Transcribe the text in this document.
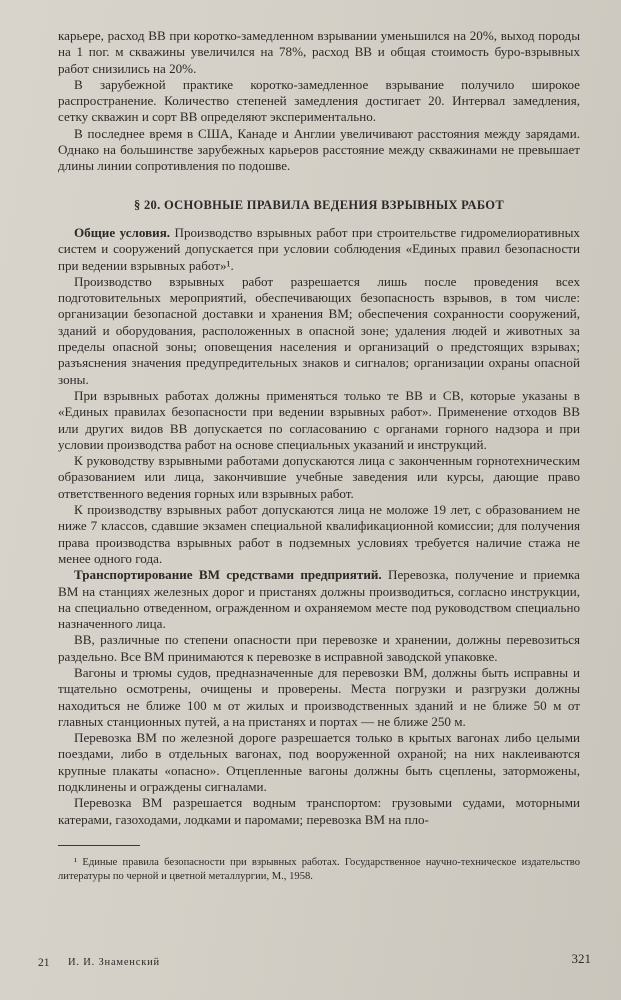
карьере, расход ВВ при коротко-замедленном взрывании уменьшился на 20%, выход породы на 1 пог. м скважины увеличился на 78%, расход ВВ и общая стоимость буро-взрывных работ снизились на 20%.

В зарубежной практике коротко-замедленное взрывание получило широкое распространение. Количество степеней замедления достигает 20. Интервал замедления, сетку скважин и сорт ВВ определяют экспериментально.

В последнее время в США, Канаде и Англии увеличивают расстояния между зарядами. Однако на большинстве зарубежных карьеров расстояние между скважинами не превышает длины линии сопротивления по подошве.

§ 20. ОСНОВНЫЕ ПРАВИЛА ВЕДЕНИЯ ВЗРЫВНЫХ РАБОТ

Общие условия. Производство взрывных работ при строительстве гидромелиоративных систем и сооружений допускается при условии соблюдения «Единых правил безопасности при ведении взрывных работ»¹.

Производство взрывных работ разрешается лишь после проведения всех подготовительных мероприятий, обеспечивающих безопасность взрывов, в том числе: организации безопасной доставки и хранения ВМ; обеспечения сохранности сооружений, зданий и оборудования, расположенных в опасной зоне; удаления людей и животных за пределы опасной зоны; оповещения населения и организаций о предстоящих взрывах; разъяснения значения предупредительных знаков и сигналов; организации охраны опасной зоны.

При взрывных работах должны применяться только те ВВ и СВ, которые указаны в «Единых правилах безопасности при ведении взрывных работ». Применение отходов ВВ или других видов ВВ допускается по согласованию с органами горного надзора и при условии производства работ на основе специальных указаний и инструкций.

К руководству взрывными работами допускаются лица с законченным горнотехническим образованием или лица, закончившие учебные заведения или курсы, дающие право ответственного ведения горных или взрывных работ.

К производству взрывных работ допускаются лица не моложе 19 лет, с образованием не ниже 7 классов, сдавшие экзамен специальной квалификационной комиссии; для получения права производства взрывных работ в подземных условиях требуется наличие стажа не менее одного года.

Транспортирование ВМ средствами предприятий. Перевозка, получение и приемка ВМ на станциях железных дорог и пристанях должны производиться, согласно инструкции, на специально отведенном, огражденном и охраняемом месте под руководством специально назначенного лица.

ВВ, различные по степени опасности при перевозке и хранении, должны перевозиться раздельно. Все ВМ принимаются к перевозке в исправной заводской упаковке.

Вагоны и трюмы судов, предназначенные для перевозки ВМ, должны быть исправны и тщательно осмотрены, очищены и проверены. Места погрузки и разгрузки должны находиться не ближе 100 м от жилых и производственных зданий и не ближе 50 м от главных станционных путей, а на пристанях и портах — не ближе 250 м.

Перевозка ВМ по железной дороге разрешается только в крытых вагонах либо целыми поездами, либо в отдельных вагонах, под вооруженной охраной; на них наклеиваются крупные плакаты «опасно». Отцепленные вагоны должны быть сцеплены, заторможены, подклинены и ограждены сигналами.

Перевозка ВМ разрешается водным транспортом: грузовыми судами, моторными катерами, газоходами, лодками и паромами; перевозка ВМ на пло-

¹ Единые правила безопасности при взрывных работах. Государственное научно-техническое издательство литературы по черной и цветной металлургии, М., 1958.

21 И. И. Знаменский	321
